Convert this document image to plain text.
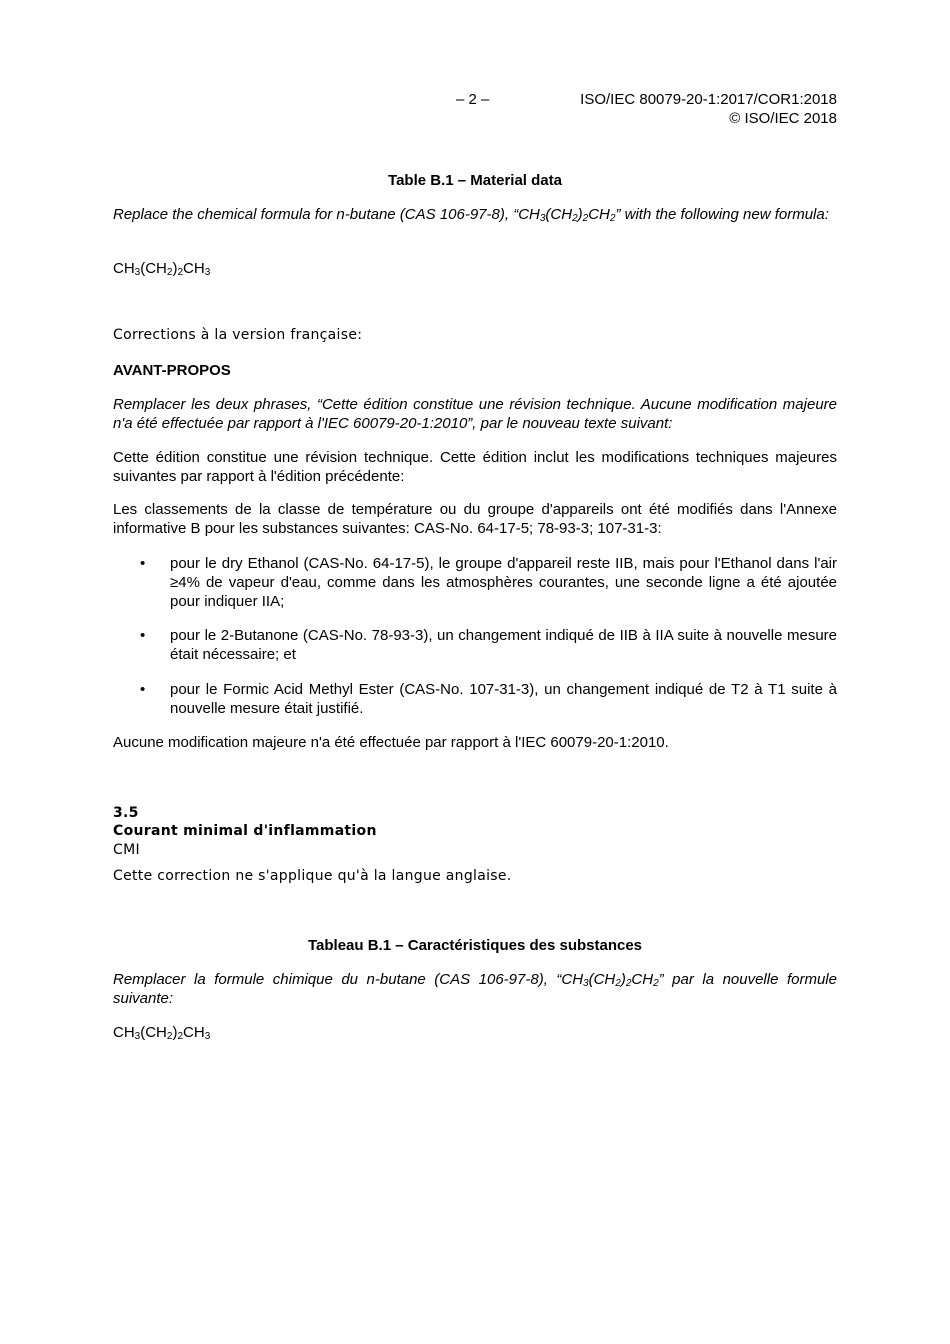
– 2 –	ISO/IEC 80079-20-1:2017/COR1:2018
© ISO/IEC 2018
Table B.1 – Material data
Replace the chemical formula for n-butane (CAS 106-97-8), “$CH_3(CH_2)_2CH_2$” with the following new formula:
$CH_3(CH_2)_2CH_3$
Corrections à la version française:
AVANT-PROPOS
Remplacer les deux phrases, “Cette édition constitue une révision technique. Aucune modification majeure n'a été effectuée par rapport à l'IEC 60079-20-1:2010”, par le nouveau texte suivant:
Cette édition constitue une révision technique. Cette édition inclut les modifications techniques majeures suivantes par rapport à l'édition précédente:
Les classements de la classe de température ou du groupe d'appareils ont été modifiés dans l'Annexe informative B pour les substances suivantes: CAS-No. 64-17-5; 78-93-3; 107-31-3:
• pour le dry Ethanol (CAS-No. 64-17-5), le groupe d'appareil reste IIB, mais pour l'Ethanol dans l'air ≥4% de vapeur d'eau, comme dans les atmosphères courantes, une seconde ligne a été ajoutée pour indiquer IIA;
• pour le 2-Butanone (CAS-No. 78-93-3), un changement indiqué de IIB à IIA suite à nouvelle mesure était nécessaire; et
• pour le Formic Acid Methyl Ester (CAS-No. 107-31-3), un changement indiqué de T2 à T1 suite à nouvelle mesure était justifié.
Aucune modification majeure n'a été effectuée par rapport à l'IEC 60079-20-1:2010.
3.5
Courant minimal d'inflammation
CMI
Cette correction ne s'applique qu'à la langue anglaise.
Tableau B.1 – Caractéristiques des substances
Remplacer la formule chimique du n-butane (CAS 106-97-8), “$CH_3(CH_2)_2CH_2$” par la nouvelle formule suivante:
$CH_3(CH_2)_2CH_3$
